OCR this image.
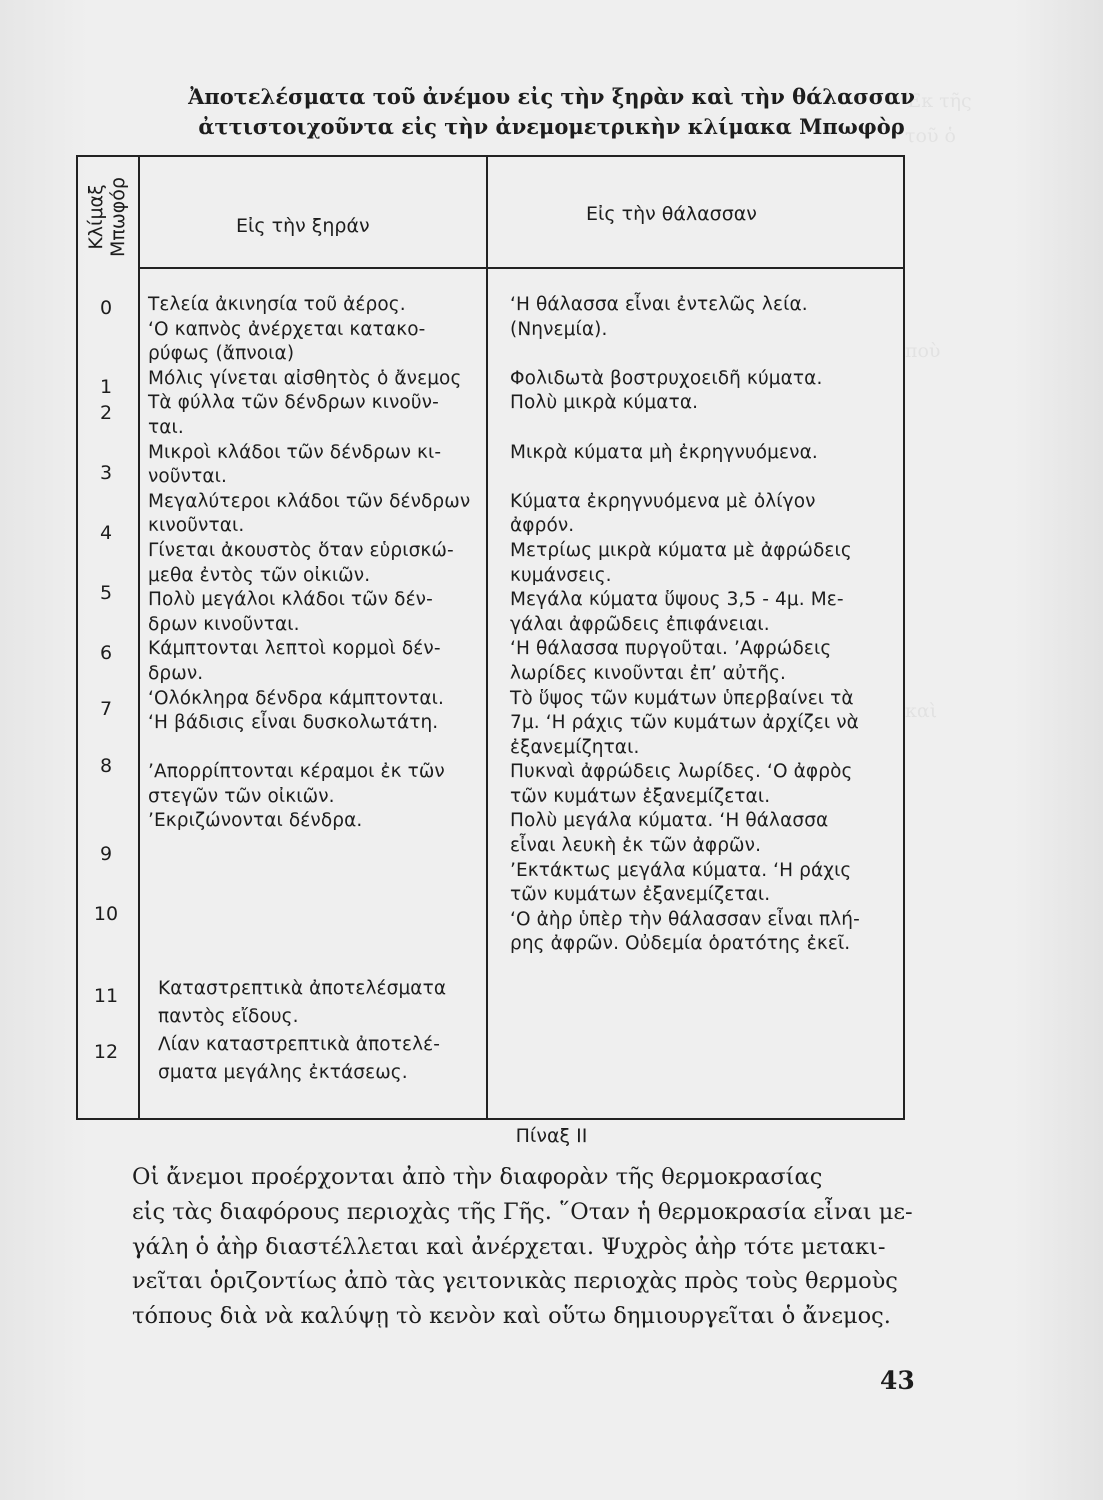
Ἐκ τῆς
τοῦ ὁ
ποὺ
καὶ
Ἀποτελέσματα τοῦ ἀνέμου εἰς τὴν ξηρὰν καὶ τὴν θάλασσαν
ἀττιστοιχοῦντα εἰς τὴν ἀνεμομετρικὴν κλίμακα Μπωφὸρ
Κλίμαξ
Μπωφόρ	Εἰς τὴν ξηράν
Εἰς τὴν θάλασσαν
0
1
2
3
4
5
6
7
8
9
10
11
12
Τελεία ἀκινησία τοῦ ἀέρος.
‘Ο καπνὸς ἀνέρχεται κατακο-
ρύφως (ἄπνοια)
Μόλις γίνεται αἰσθητὸς ὁ ἄνεμος
Τὰ φύλλα τῶν δένδρων κινοῦν-
ται.
Μικροὶ κλάδοι τῶν δένδρων κι-
νοῦνται.
Μεγαλύτεροι κλάδοι τῶν δένδρων
κινοῦνται.
Γίνεται ἀκουστὸς ὅταν εὑρισκώ-
μεθα ἐντὸς τῶν οἰκιῶν.
Πολὺ μεγάλοι κλάδοι τῶν δέν-
δρων κινοῦνται.
Κάμπτονται λεπτοὶ κορμοὶ δέν-
δρων.
‘Ολόκληρα δένδρα κάμπτονται.
‘Η βάδισις εἶναι δυσκολωτάτη.

’Απορρίπτονται κέραμοι ἐκ τῶν
στεγῶν τῶν οἰκιῶν.
’Εκριζώνονται δένδρα.
‘Η θάλασσα εἶναι ἐντελῶς λεία.
(Νηνεμία).

Φολιδωτὰ βοστρυχοειδῆ κύματα.
Πολὺ μικρὰ κύματα.

Μικρὰ κύματα μὴ ἐκρηγνυόμενα.

Κύματα ἐκρηγνυόμενα μὲ ὀλίγον
ἀφρόν.
Μετρίως μικρὰ κύματα μὲ ἀφρώδεις
κυμάνσεις.
Μεγάλα κύματα ὕψους 3,5 - 4μ. Με-
γάλαι ἀφρῶδεις ἐπιφάνειαι.
‘Η θάλασσα πυργοῦται. ’Αφρώδεις
λωρίδες κινοῦνται ἐπ’ αὐτῆς.
Τὸ ὕψος τῶν κυμάτων ὑπερβαίνει τὰ
7μ. ‘Η ράχις τῶν κυμάτων ἀρχίζει νὰ
ἐξανεμίζηται.
Πυκναὶ ἀφρώδεις λωρίδες. ‘Ο ἀφρὸς
τῶν κυμάτων ἐξανεμίζεται.
Πολὺ μεγάλα κύματα. ‘Η θάλασσα
εἶναι λευκὴ ἐκ τῶν ἀφρῶν.
’Εκτάκτως μεγάλα κύματα. ‘Η ράχις
τῶν κυμάτων ἐξανεμίζεται.
‘Ο ἀὴρ ὑπὲρ τὴν θάλασσαν εἶναι πλή-
ρης ἀφρῶν. Οὐδεμία ὁρατότης ἐκεῖ.
Καταστρεπτικὰ ἀποτελέσματα
παντὸς εἴδους.
Λίαν καταστρεπτικὰ ἀποτελέ-
σματα μεγάλης ἐκτάσεως.
Πίναξ ΙΙ
Οἱ ἄνεμοι προέρχονται ἀπὸ τὴν διαφορὰν τῆς θερμοκρασίας
εἰς τὰς διαφόρους περιοχὰς τῆς Γῆς. ῞Οταν ἡ θερμοκρασία εἶναι με-
γάλη ὁ ἀὴρ διαστέλλεται καὶ ἀνέρχεται. Ψυχρὸς ἀὴρ τότε μετακι-
νεῖται ὁριζοντίως ἀπὸ τὰς γειτονικὰς περιοχὰς πρὸς τοὺς θερμοὺς
τόπους διὰ νὰ καλύψῃ τὸ κενὸν καὶ οὕτω δημιουργεῖται ὁ ἄνεμος.
43
